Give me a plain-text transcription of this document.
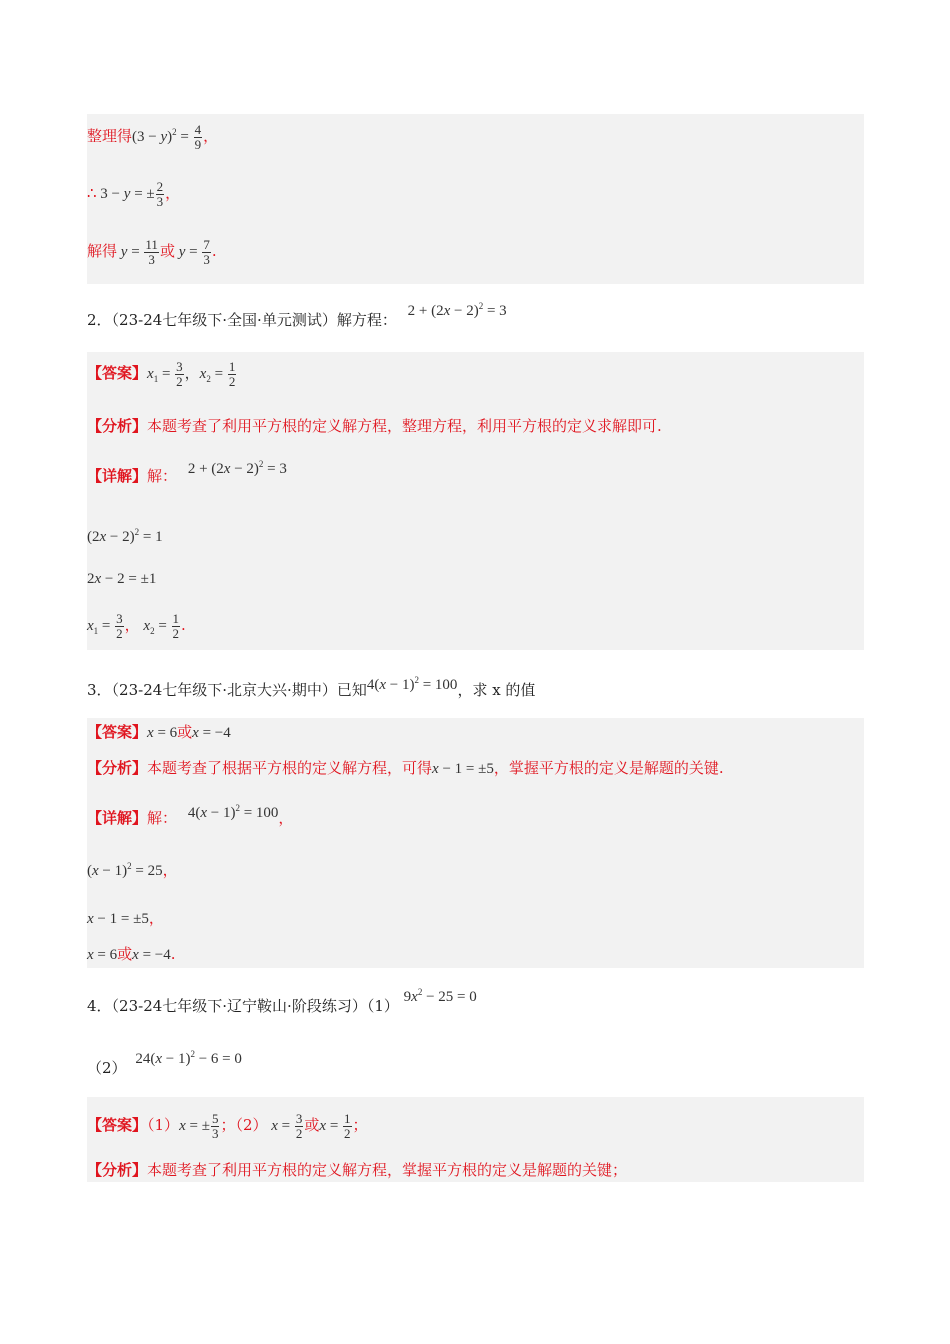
整理得$(3 - y)^2 = \frac{4}{9}$ ，
∴ 3 − y = ± $\frac{2}{3}$ ，
解得 $y = \frac{11}{3}$ 或 $y = \frac{7}{3}$ .
2．（23-24七年级下·全国·单元测试）解方程： $2 + (2x - 2)^2 = 3$
【答案】$x_1 = \frac{3}{2}$ ，$x_2 = \frac{1}{2}$
【分析】本题考查了利用平方根的定义解方程，整理方程，利用平方根的定义求解即可.
【详解】解： $2 + (2x - 2)^2 = 3$
$(2x - 2)^2 = 1$
2x − 2 = ±1
$x_1 = \frac{3}{2}$ ， $x_2 = \frac{1}{2}$ .
3．（23-24七年级下·北京大兴·期中）已知$4(x - 1)^2 = 100$，求 x 的值
【答案】x = 6或x = −4
【分析】本题考查了根据平方根的定义解方程，可得x − 1 = ±5，掌握平方根的定义是解题的关键.
【详解】解： $4(x - 1)^2 = 100$，
$(x - 1)^2 = 25$，
x − 1 = ±5，
x = 6或x = −4.
4．（23-24七年级下·辽宁鞍山·阶段练习）（1） $9x^2 - 25 = 0$
（2） $24(x - 1)^2 - 6 = 0$
【答案】（1）x = ± $\frac{5}{3}$ ；（2） $x = \frac{3}{2}$ 或$x = \frac{1}{2}$ ；
【分析】本题考查了利用平方根的定义解方程，掌握平方根的定义是解题的关键；
